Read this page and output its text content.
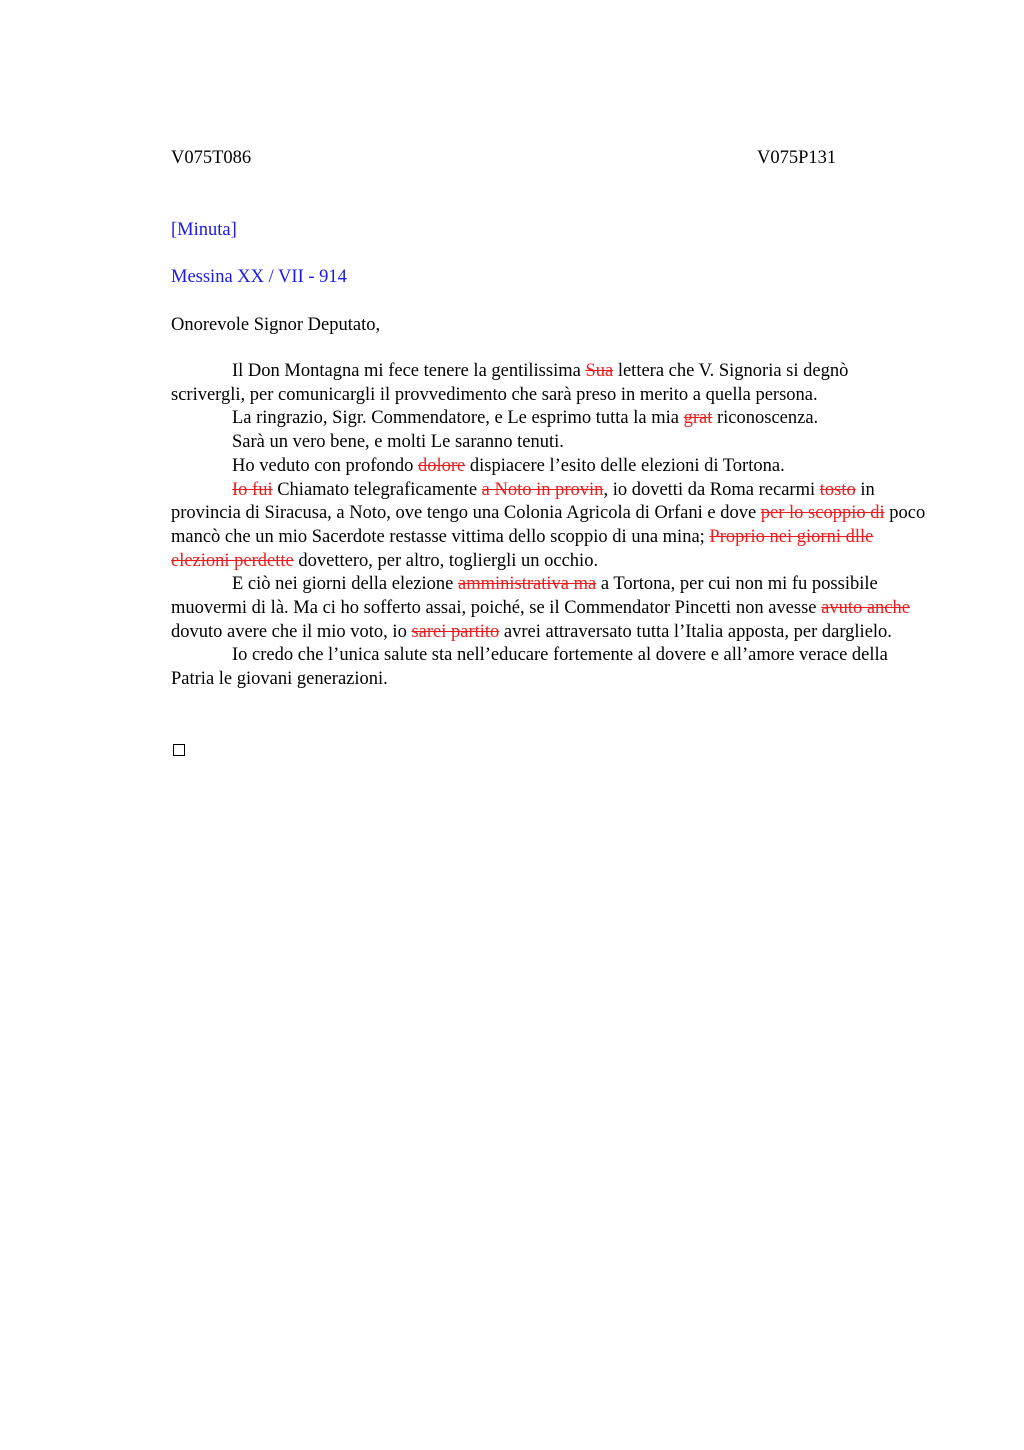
V075T086	V075P131
[Minuta]
Messina XX / VII - 914
Onorevole Signor Deputato,

Il Don Montagna mi fece tenere la gentilissima Sua lettera che V. Signoria si degnò scrivergli, per comunicargli il provvedimento che sarà preso in merito a quella persona.

La ringrazio, Sigr. Commendatore, e Le esprimo tutta la mia grat riconoscenza.

Sarà un vero bene, e molti Le saranno tenuti.

Ho veduto con profondo dolore dispiacere l’esito delle elezioni di Tortona.

Io fui Chiamato telegraficamente a Noto in provin, io dovetti da Roma recarmi tosto in provincia di Siracusa, a Noto, ove tengo una Colonia Agricola di Orfani e dove per lo scoppio di poco mancò che un mio Sacerdote restasse vittima dello scoppio di una mina; Proprio nei giorni dlle elezioni perdette dovettero, per altro, togliergli un occhio.

E ciò nei giorni della elezione amministrativa ma a Tortona, per cui non mi fu possibile muovermi di là. Ma ci ho sofferto assai, poiché, se il Commendator Pincetti non avesse avuto anche dovuto avere che il mio voto, io sarei partito avrei attraversato tutta l’Italia apposta, per darglielo.

Io credo che l’unica salute sta nell’educare fortemente al dovere e all’amore verace della Patria le giovani generazioni.
